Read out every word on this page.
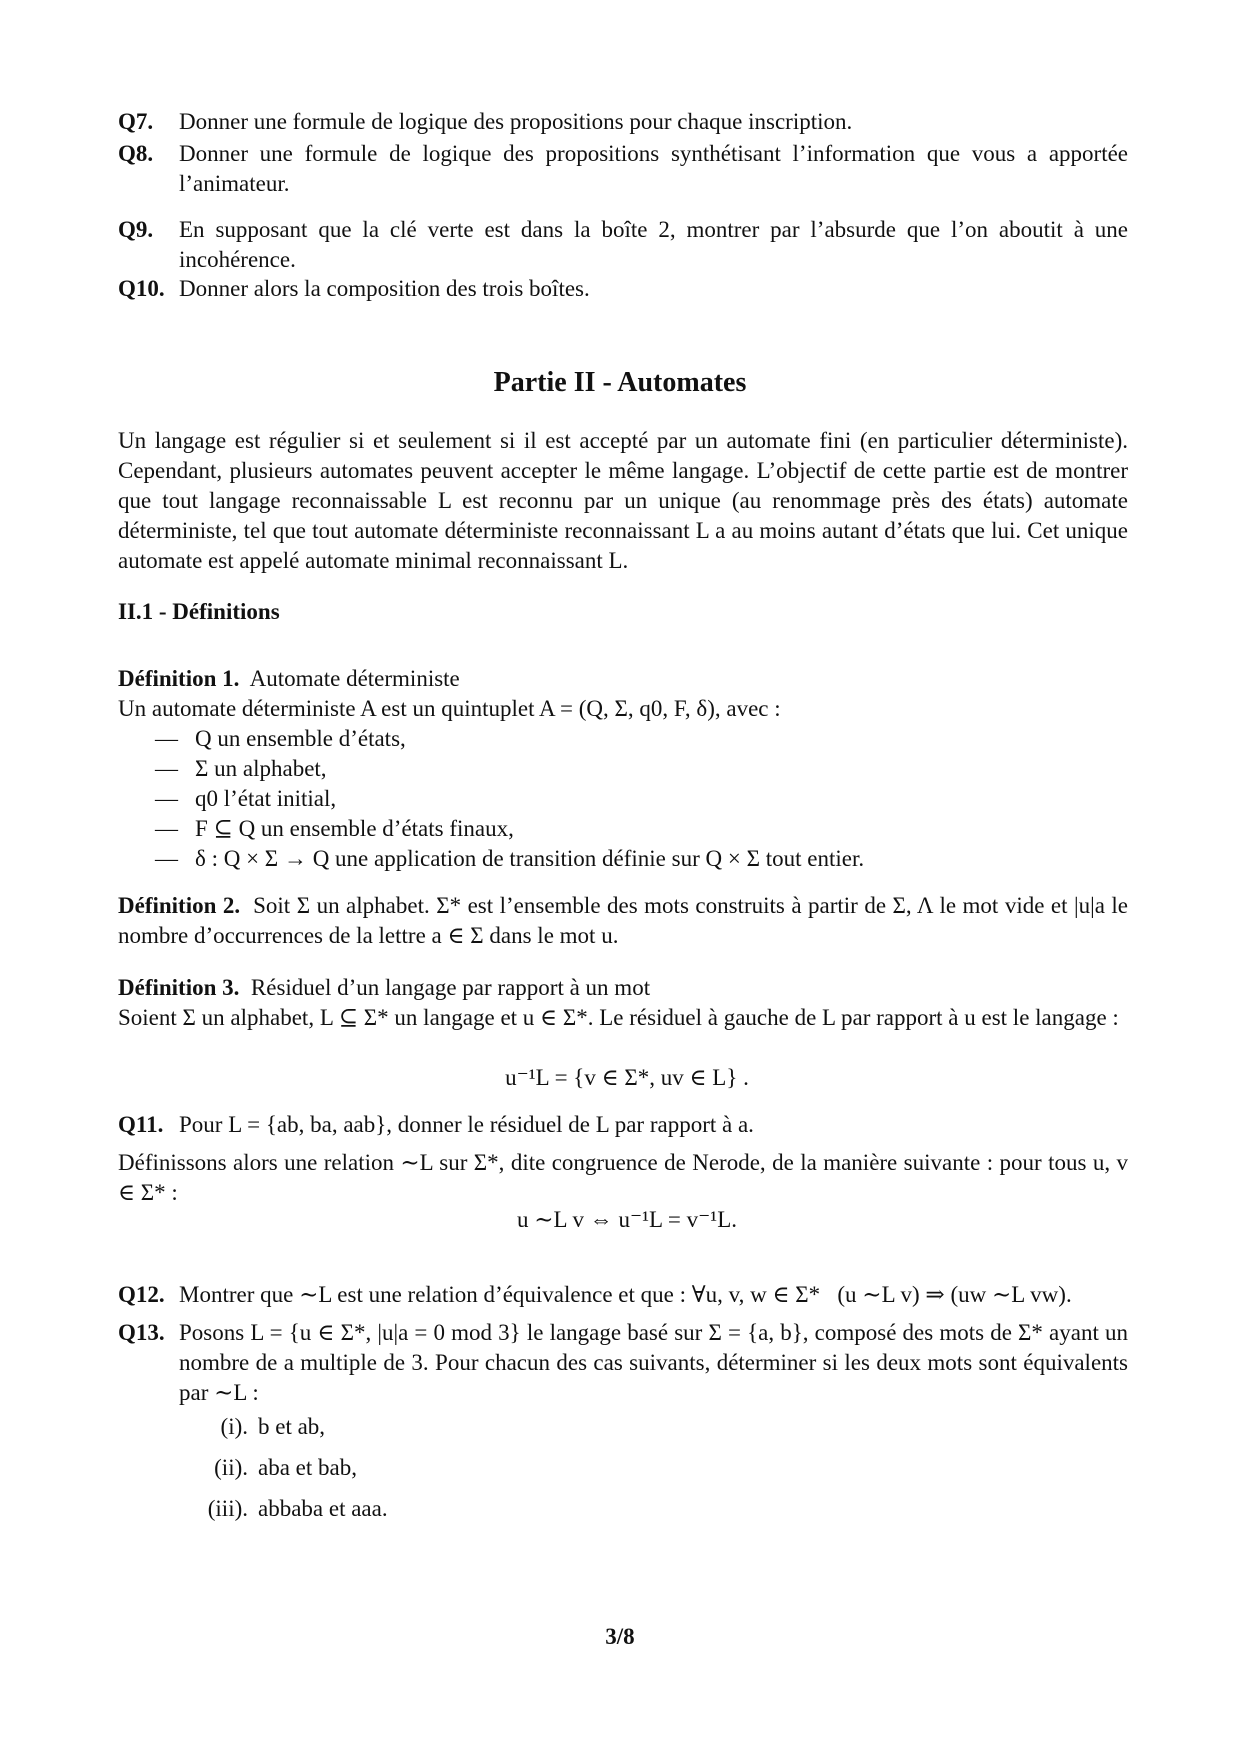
Q7. Donner une formule de logique des propositions pour chaque inscription.
Q8. Donner une formule de logique des propositions synthétisant l’information que vous a apportée l’animateur.
Q9. En supposant que la clé verte est dans la boîte 2, montrer par l’absurde que l’on aboutit à une incohérence.
Q10. Donner alors la composition des trois boîtes.
Partie II - Automates
Un langage est régulier si et seulement si il est accepté par un automate fini (en particulier déterministe). Cependant, plusieurs automates peuvent accepter le même langage. L’objectif de cette partie est de montrer que tout langage reconnaissable L est reconnu par un unique (au renommage près des états) automate déterministe, tel que tout automate déterministe reconnaissant L a au moins autant d’états que lui. Cet unique automate est appelé automate minimal reconnaissant L.
II.1 - Définitions
Définition 1. Automate déterministe
Un automate déterministe A est un quintuplet A = (Q, Σ, q0, F, δ), avec :
— Q un ensemble d’états,
— Σ un alphabet,
— q0 l’état initial,
— F ⊆ Q un ensemble d’états finaux,
— δ : Q × Σ → Q une application de transition définie sur Q × Σ tout entier.
Définition 2. Soit Σ un alphabet. Σ* est l’ensemble des mots construits à partir de Σ, Λ le mot vide et |u|a le nombre d’occurrences de la lettre a ∈ Σ dans le mot u.
Définition 3. Résiduel d’un langage par rapport à un mot
Soient Σ un alphabet, L ⊆ Σ* un langage et u ∈ Σ*. Le résiduel à gauche de L par rapport à u est le langage :
u⁻¹L = {v ∈ Σ*, uv ∈ L} .
Q11. Pour L = {ab, ba, aab}, donner le résiduel de L par rapport à a.
Définissons alors une relation ∼L sur Σ*, dite congruence de Nerode, de la manière suivante : pour tous u, v ∈ Σ* :
u ∼L v ⇔ u⁻¹L = v⁻¹L.
Q12. Montrer que ∼L est une relation d’équivalence et que : ∀u, v, w ∈ Σ*   (u ∼L v) ⇒ (uw ∼L vw).
Q13. Posons L = {u ∈ Σ*, |u|a = 0 mod 3} le langage basé sur Σ = {a, b}, composé des mots de Σ* ayant un nombre de a multiple de 3. Pour chacun des cas suivants, déterminer si les deux mots sont équivalents par ∼L :
(i). b et ab,
(ii). aba et bab,
(iii). abbaba et aaa.
3/8
